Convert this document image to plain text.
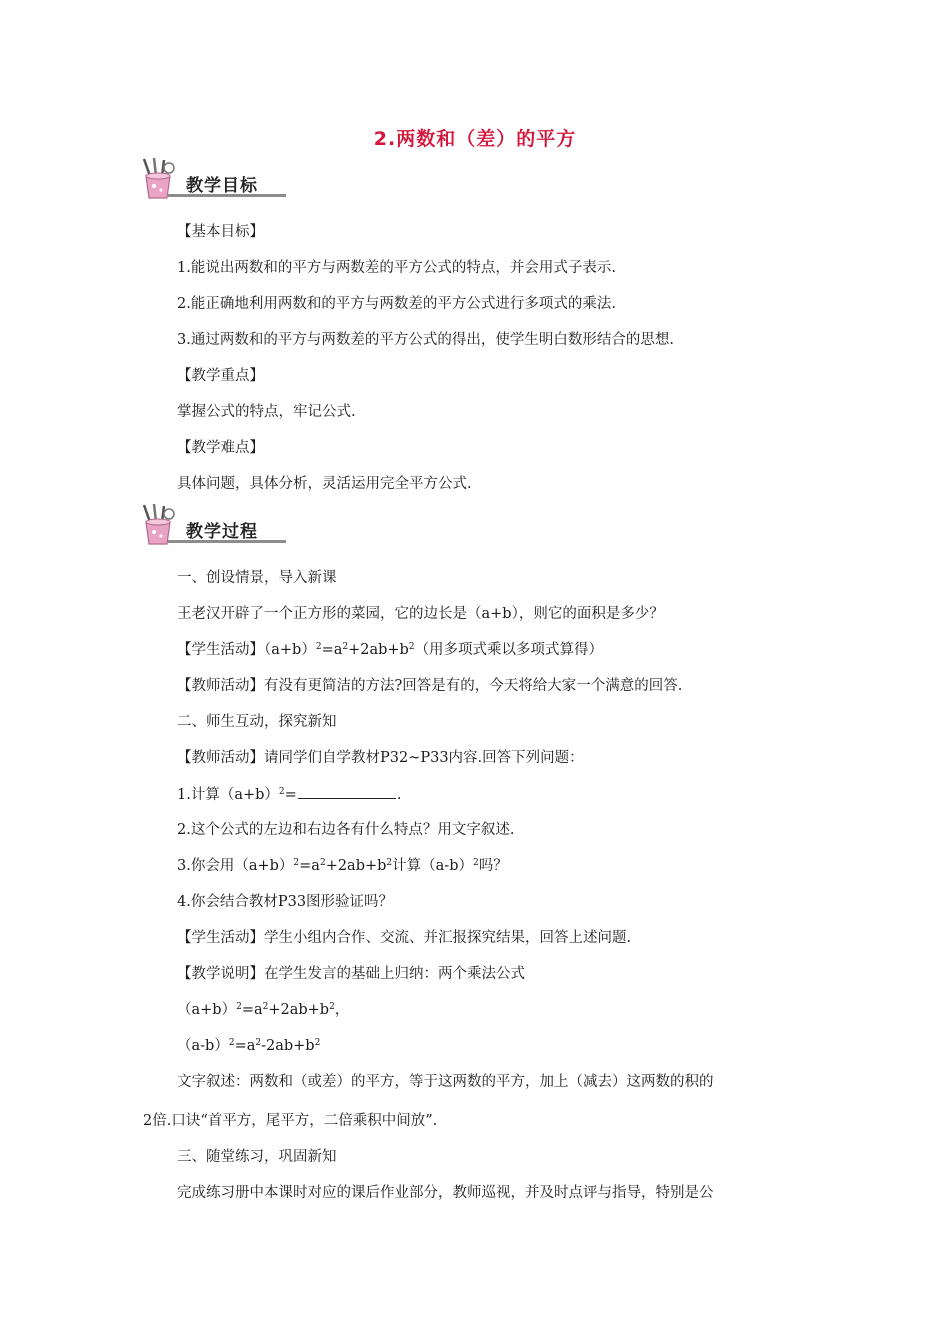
2.两数和（差）的平方
教学目标
【基本目标】
1.能说出两数和的平方与两数差的平方公式的特点，并会用式子表示.
2.能正确地利用两数和的平方与两数差的平方公式进行多项式的乘法.
3.通过两数和的平方与两数差的平方公式的得出，使学生明白数形结合的思想.
【教学重点】
掌握公式的特点，牢记公式.
【教学难点】
具体问题，具体分析，灵活运用完全平方公式.
教学过程
一、创设情景，导入新课
王老汉开辟了一个正方形的菜园，它的边长是（a+b），则它的面积是多少？
【学生活动】$(a+b)^2=a^2+2ab+b^2$（用多项式乘以多项式算得）
【教师活动】有没有更简洁的方法?回答是有的，今天将给大家一个满意的回答.
二、师生互动，探究新知
【教师活动】请同学们自学教材P32~P33内容.回答下列问题：
1.计算$(a+b)^2=$	.
2.这个公式的左边和右边各有什么特点？用文字叙述.
3.你会用$(a+b)^2=a^2+2ab+b^2$计算$(a-b)^2$吗？
4.你会结合教材P33图形验证吗？
【学生活动】学生小组内合作、交流、并汇报探究结果，回答上述问题.
【教学说明】在学生发言的基础上归纳：两个乘法公式
$(a+b)^2=a^2+2ab+b^2$，
$(a-b)^2=a^2-2ab+b^2$
文字叙述：两数和（或差）的平方，等于这两数的平方，加上（减去）这两数的积的
2倍.口诀“首平方，尾平方，二倍乘积中间放”.
三、随堂练习，巩固新知
完成练习册中本课时对应的课后作业部分，教师巡视，并及时点评与指导，特别是公
